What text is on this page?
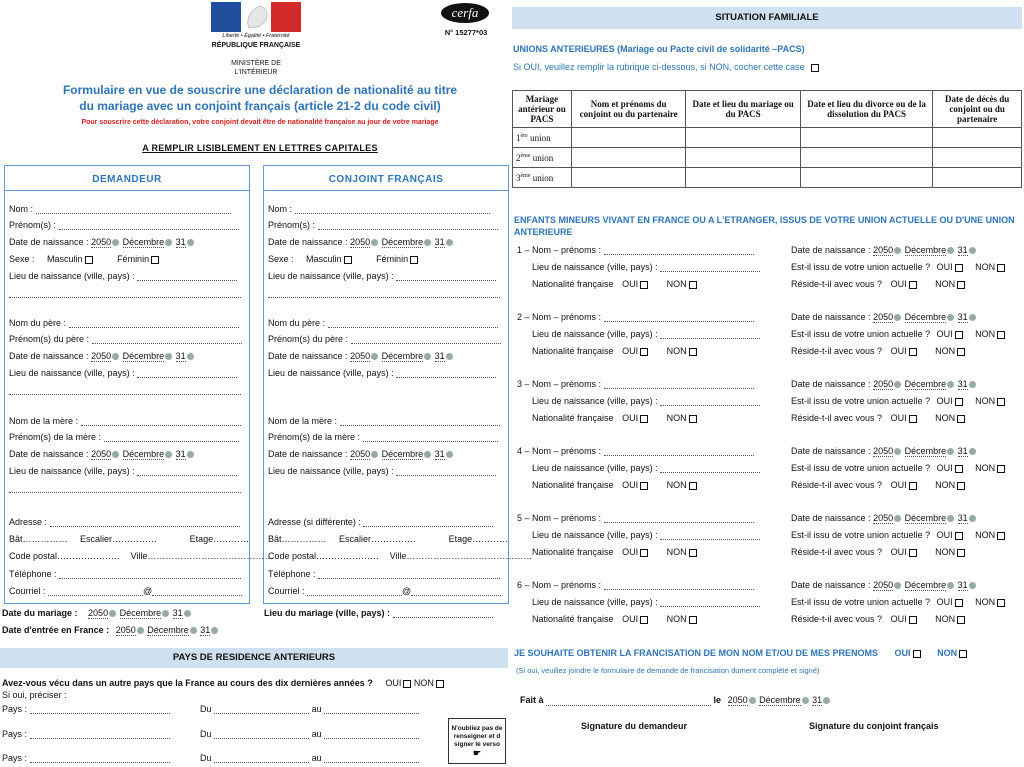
Liberté • Égalité • Fraternité
RÉPUBLIQUE FRANÇAISE
MINISTÈRE DE
L'INTÉRIEUR
cerfa
N° 15277*03
Formulaire en vue de souscrire une déclaration de nationalité au titre
du mariage avec un conjoint français (article 21-2 du code civil)
Pour souscrire cette déclaration, votre conjoint devait être de nationalité française au jour de votre mariage
A REMPLIR LISIBLEMENT EN LETTRES CAPITALES
DEMANDEUR	CONJOINT FRANÇAIS
Nom :
Prénom(s) :
Date de naissance : 2050 Décembre 31
Sexe : Masculin	Féminin
Lieu de naissance (ville, pays) :
Nom du père :
Prénom(s) du père :
Date de naissance : 2050 Décembre 31
Lieu de naissance (ville, pays) :
Nom de la mère :
Prénom(s) de la mère :
Date de naissance : 2050 Décembre 31
Lieu de naissance (ville, pays) :
Adresse :
Bât…………… Escalier……………	Etage…………
Code postal………………… Ville……………………………………
Téléphone :
Courriel :	@
Nom :
Prénom(s) :
Date de naissance : 2050 Décembre 31
Sexe : Masculin	Féminin
Lieu de naissance (ville, pays) :
Nom du père :
Prénom(s) du père :
Date de naissance : 2050 Décembre 31
Lieu de naissance (ville, pays) :
Nom de la mère :
Prénom(s) de la mère :
Date de naissance : 2050 Décembre 31
Lieu de naissance (ville, pays) :
Adresse (si différente) :
Bât…………… Escalier……………	Etage…………
Code postal………………… Ville……………………………………
Téléphone :
Courriel :	@
Date du mariage : 2050 Décembre 31	Lieu du mariage (ville, pays) :
Date d'entrée en France : 2050 Décembre 31
PAYS DE RESIDENCE ANTERIEURS
Avez-vous vécu dans un autre pays que la France au cours des dix dernières années ? OUI NON
Si oui, préciser :
Pays :	Du	au
Pays :	Du	au
Pays :	Du	au
N'oubliez pas de
renseigner et d
signer le verso
☛
SITUATION FAMILIALE
UNIONS ANTERIEURES (Mariage ou Pacte civil de solidarité –PACS)
Si OUI, veuillez remplir la rubrique ci-dessous, si NON, cocher cette case
Mariage antérieur ou PACS	Nom et prénoms du conjoint ou du partenaire	Date et lieu du mariage ou du PACS	Date et lieu du divorce ou de la dissolution du PACS	Date de décès du conjoint ou du partenaire
1ère union				
2ème union				
3ème union				
ENFANTS MINEURS VIVANT EN FRANCE OU A L'ETRANGER, ISSUS DE VOTRE UNION ACTUELLE OU D'UNE UNION ANTERIEURE
1 – Nom – prénoms :	Date de naissance : 2050 Décembre 31
Lieu de naissance (ville, pays) :	Est-il issu de votre union actuelle ? OUI	NON
Nationalité française OUI	NON	Réside-t-il avec vous ? OUI	NON
2 – Nom – prénoms :	Date de naissance : 2050 Décembre 31
Lieu de naissance (ville, pays) :	Est-il issu de votre union actuelle ? OUI	NON
Nationalité française OUI	NON	Réside-t-il avec vous ? OUI	NON
3 – Nom – prénoms :	Date de naissance : 2050 Décembre 31
Lieu de naissance (ville, pays) :	Est-il issu de votre union actuelle ? OUI	NON
Nationalité française OUI	NON	Réside-t-il avec vous ? OUI	NON
4 – Nom – prénoms :	Date de naissance : 2050 Décembre 31
Lieu de naissance (ville, pays) :	Est-il issu de votre union actuelle ? OUI	NON
Nationalité française OUI	NON	Réside-t-il avec vous ? OUI	NON
5 – Nom – prénoms :	Date de naissance : 2050 Décembre 31
Lieu de naissance (ville, pays) :	Est-il issu de votre union actuelle ? OUI	NON
Nationalité française OUI	NON	Réside-t-il avec vous ? OUI	NON
6 – Nom – prénoms :	Date de naissance : 2050 Décembre 31
Lieu de naissance (ville, pays) :	Est-il issu de votre union actuelle ? OUI	NON
Nationalité française OUI	NON	Réside-t-il avec vous ? OUI	NON
JE SOUHAITE OBTENIR LA FRANCISATION DE MON NOM ET/OU DE MES PRENOMS OUI	NON
(Si oui, veuillez joindre le formulaire de demande de francisation dument complété et signé)
Fait à	le 2050 Décembre 31
Signature du demandeur	Signature du conjoint français
